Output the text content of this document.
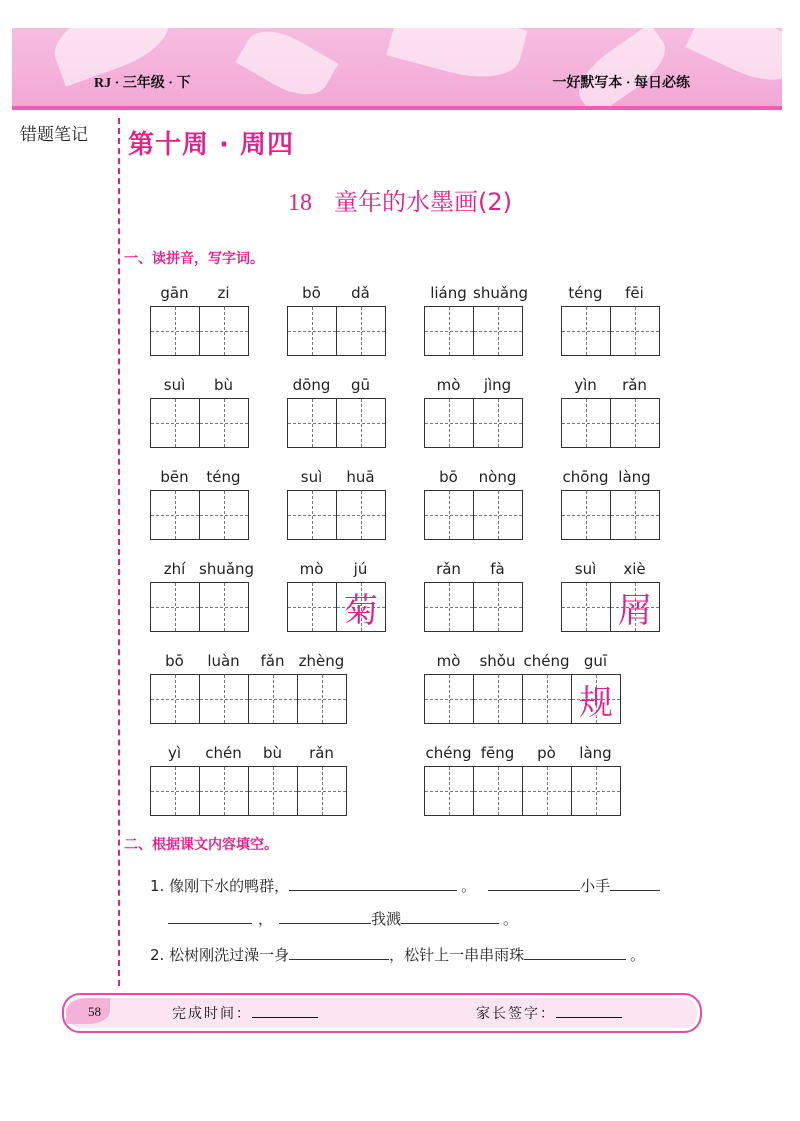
RJ · 三年级 · 下	一好默写本 · 每日必练
错题笔记 第十周 · 周四
18 童年的水墨画(2)
一、读拼音，写字词。
gān	zi	bō	dǎ	liáng shuǎng	téng	fēi
suì	bù	dōng	gū	mò	jìng	yìn	rǎn
bēn	téng	suì	huā	bō	nòng	chōng làng
zhí shuǎng	mò	jú
菊
rǎn	fà	suì	xiè
屑
bō	luàn	fǎn zhèng	mò	shǒu chéng guī
规
yì	chén	bù	rǎn	chéng fēng	pò	làng
二、根据课文内容填空。
1. 像刚下水的鸭群，	。	小手
，	我溅	。
2. 松树刚洗过澡一身	，松针上一串串雨珠	。
58	完成时间：	家长签字：
